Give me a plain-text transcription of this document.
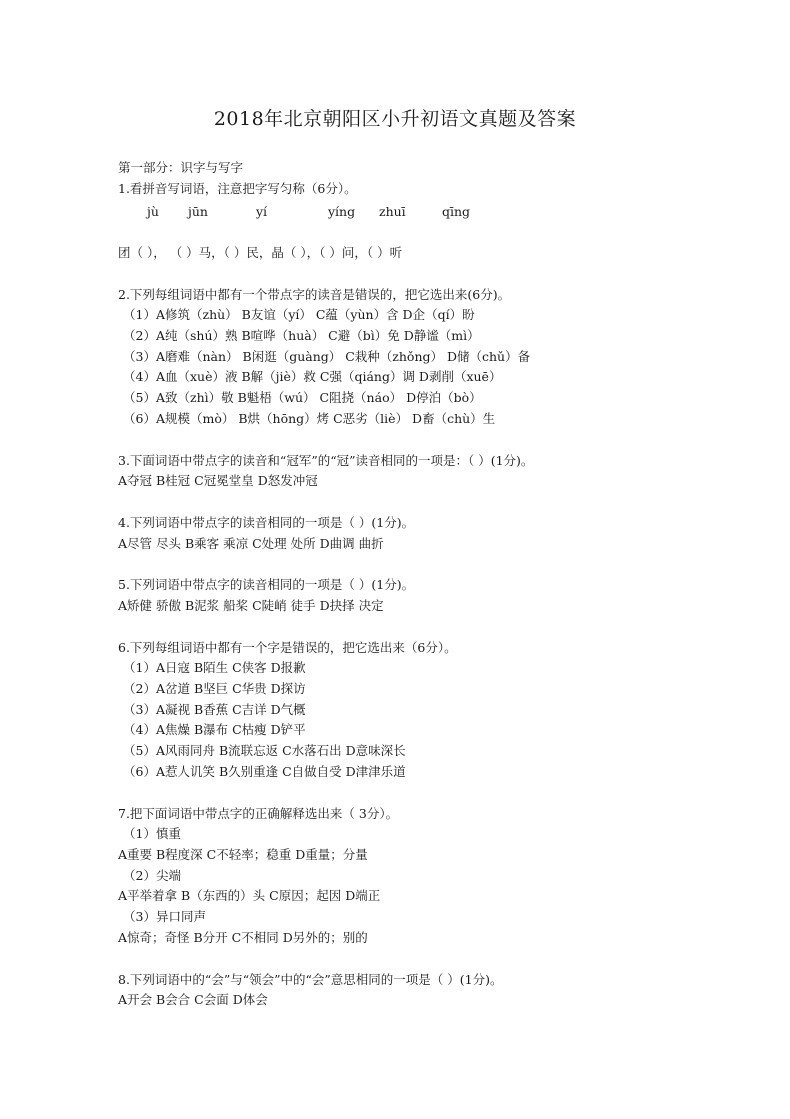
2018年北京朝阳区小升初语文真题及答案
第一部分：识字与写字
1.看拼音写词语，注意把字写匀称（6分）。
jù jūn	yí	yíng zhuī	qīng
团（ ）， （ ）马，（ ）民，晶（ ），（ ）问，（ ）听
2.下列每组词语中都有一个带点字的读音是错误的，把它选出来(6分)。
（1）A修筑（zhù） B友谊（yí） C蕴（yùn）含 D企（qí）盼
（2）A纯（shú）熟 B喧哗（huà） C避（bì）免 D静谧（mì）
（3）A磨难（nàn） B闲逛（guàng） C栽种（zhǒng） D储（chǔ）备
（4）A血（xuè）液 B解（jiè）救 C强（qiáng）调 D剥削（xuē）
（5）A致（zhì）敬 B魁梧（wú） C阻挠（náo） D停泊（bò）
（6）A规模（mò） B烘（hōng）烤 C恶劣（liè） D畜（chù）生
3.下面词语中带点字的读音和“冠军”的“冠”读音相同的一项是：（ ）(1分)。
A夺冠 B桂冠 C冠冕堂皇 D怒发冲冠
4.下列词语中带点字的读音相同的一项是（ ）(1分)。
A尽管 尽头 B乘客 乘凉 C处理 处所 D曲调 曲折
5.下列词语中带点字的读音相同的一项是（ ）(1分)。
A矫健 骄傲 B泥浆 船桨 C陡峭 徒手 D抉择 决定
6.下列每组词语中都有一个字是错误的，把它选出来（6分）。
（1）A日寇 B陌生 C侠客 D报歉
（2）A岔道 B坚巨 C华贵 D探访
（3）A凝视 B香蕉 C吉详 D气概
（4）A焦燥 B瀑布 C枯瘦 D铲平
（5）A风雨同舟 B流联忘返 C水落石出 D意味深长
（6）A惹人讥笑 B久别重逢 C自做自受 D津津乐道
7.把下面词语中带点字的正确解释选出来（ 3分）。
（1）慎重
A重要 B程度深 C不轻率；稳重 D重量；分量
（2）尖端
A平举着拿 B（东西的）头 C原因；起因 D端正
（3）异口同声
A惊奇；奇怪 B分开 C不相同 D另外的；别的
8.下列词语中的“会”与“领会”中的“会”意思相同的一项是（ ）(1分)。
A开会 B会合 C会面 D体会
